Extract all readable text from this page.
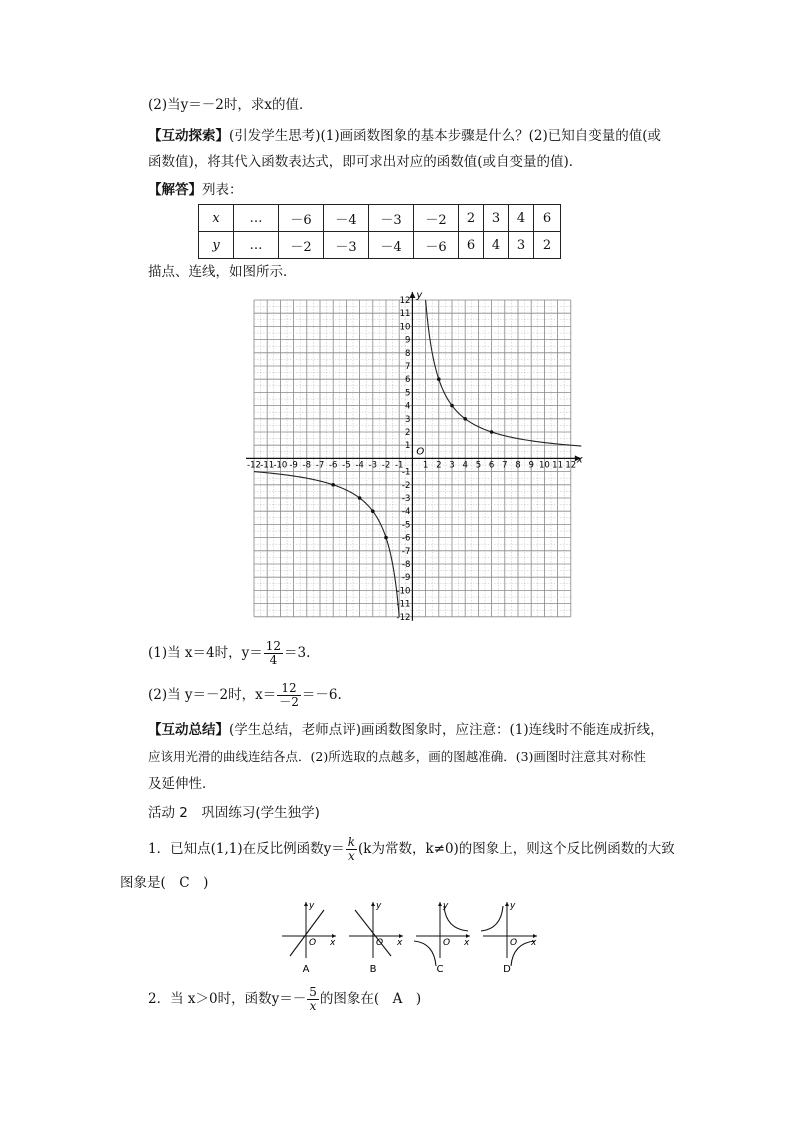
(2)当y＝－2时，求x的值．
【互动探索】(引发学生思考)(1)画函数图象的基本步骤是什么？(2)已知自变量的值(或
函数值)，将其代入函数表达式，即可求出对应的函数值(或自变量的值)．
【解答】列表：
x	…	－6	－4	－3	－2	2	3	4	6
y	…	－2	－3	－4	－6	6	4	3	2
描点、连线，如图所示．
x
y
O
-12 -11 -10 -9 -8 -7 -6 -5 -4 -3 -2 -1 1 2 3 4 5 6 7 8 9 10 11 12
12
11
10
9
8
7
6
5
4
3
2
1
-1
-2
-3
-4
-5
-6
-7
-8
-9
-10
-11
-12
(1)当 x＝4时，$y= \frac{12}{4} =3$.
(2)当 y＝－2时，$x= \frac{12}{-2} =-6$.
【互动总结】(学生总结，老师点评)画函数图象时，应注意：(1)连线时不能连成折线，
应该用光滑的曲线连结各点．(2)所选取的点越多，画的图越准确．(3)画图时注意其对称性
及延伸性．
活动 2　巩固练习(学生独学)
1．已知点(1,1)在反比例函数$y= \frac{k}{x} (k$为常数，k≠0)的图象上，则这个反比例函数的大致
图象是(　C　)
y
x
O
A
y
x
O
B
y
x
O
C
y
x
O
D
2．当 x＞0时，函数$y=- \frac{5}{x}$ 的图象在(　A　)
